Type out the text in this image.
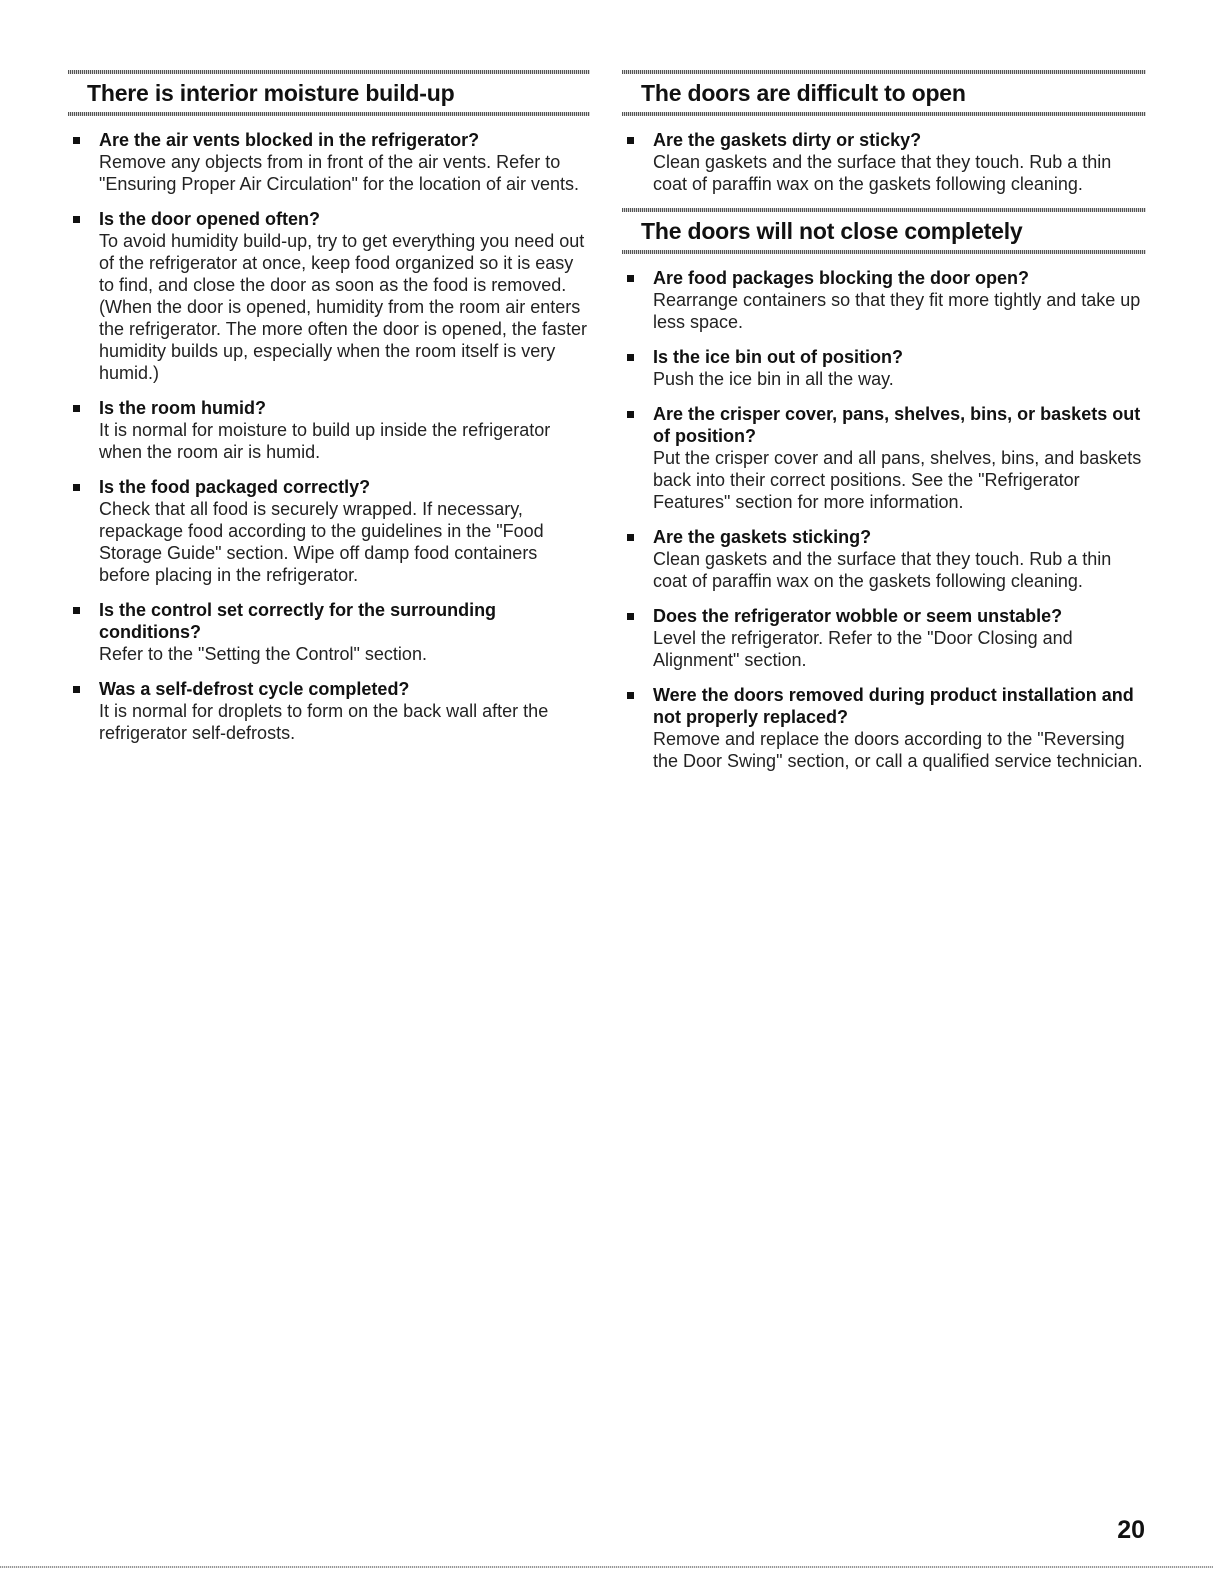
There is interior moisture build-up
Are the air vents blocked in the refrigerator?
Remove any objects from in front of the air vents. Refer to "Ensuring Proper Air Circulation" for the location of air vents.
Is the door opened often?
To avoid humidity build-up, try to get everything you need out of the refrigerator at once, keep food organized so it is easy to find, and close the door as soon as the food is removed. (When the door is opened, humidity from the room air enters the refrigerator. The more often the door is opened, the faster humidity builds up, especially when the room itself is very humid.)
Is the room humid?
It is normal for moisture to build up inside the refrigerator when the room air is humid.
Is the food packaged correctly?
Check that all food is securely wrapped. If necessary, repackage food according to the guidelines in the "Food Storage Guide" section. Wipe off damp food containers before placing in the refrigerator.
Is the control set correctly for the surrounding conditions?
Refer to the "Setting the Control" section.
Was a self-defrost cycle completed?
It is normal for droplets to form on the back wall after the refrigerator self-defrosts.
The doors are difficult to open
Are the gaskets dirty or sticky?
Clean gaskets and the surface that they touch. Rub a thin coat of paraffin wax on the gaskets following cleaning.
The doors will not close completely
Are food packages blocking the door open?
Rearrange containers so that they fit more tightly and take up less space.
Is the ice bin out of position?
Push the ice bin in all the way.
Are the crisper cover, pans, shelves, bins, or baskets out of position?
Put the crisper cover and all pans, shelves, bins, and baskets back into their correct positions. See the "Refrigerator Features" section for more information.
Are the gaskets sticking?
Clean gaskets and the surface that they touch. Rub a thin coat of paraffin wax on the gaskets following cleaning.
Does the refrigerator wobble or seem unstable?
Level the refrigerator. Refer to the "Door Closing and Alignment" section.
Were the doors removed during product installation and not properly replaced?
Remove and replace the doors according to the "Reversing the Door Swing" section, or call a qualified service technician.
20
